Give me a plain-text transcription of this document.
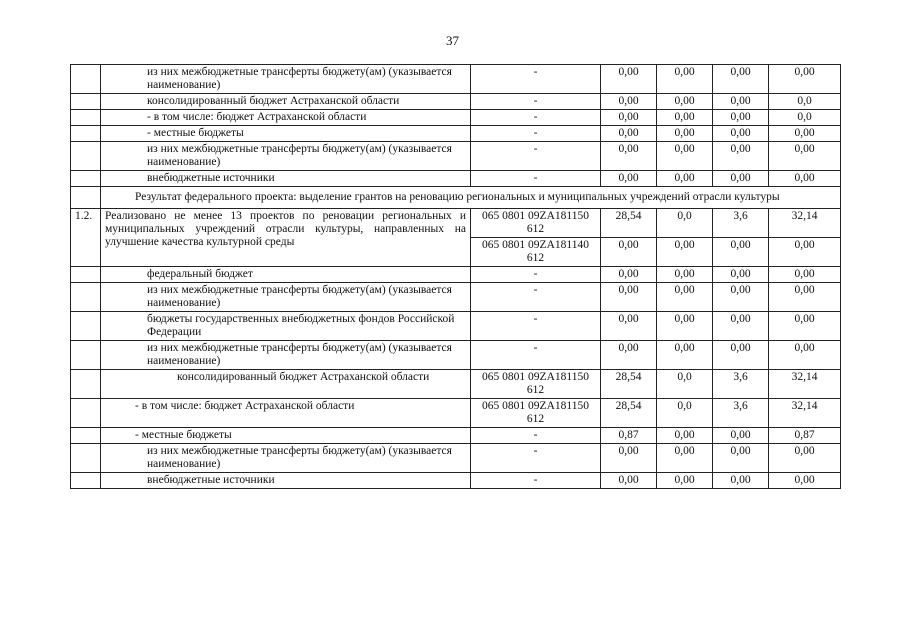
37
	из них межбюджетные трансферты бюджету(ам) (указывается наименование)	-	0,00	0,00	0,00	0,00
	консолидированный бюджет Астраханской области	-	0,00	0,00	0,00	0,0
	- в том числе: бюджет Астраханской области	-	0,00	0,00	0,00	0,0
	- местные бюджеты	-	0,00	0,00	0,00	0,00
	из них межбюджетные трансферты бюджету(ам) (указывается наименование)	-	0,00	0,00	0,00	0,00
	внебюджетные источники	-	0,00	0,00	0,00	0,00
	Результат федерального проекта: выделение грантов на реновацию региональных и муниципальных учреждений отрасли культуры					
1.2.	Реализовано не менее 13 проектов по реновации региональных и муниципальных учреждений отрасли культуры, направленных на улучшение качества культурной среды	065 0801 09ZA181150 612	28,54	0,0	3,6	32,14
		065 0801 09ZA181140 612	0,00	0,00	0,00	0,00
	федеральный бюджет	-	0,00	0,00	0,00	0,00
	из них межбюджетные трансферты бюджету(ам) (указывается наименование)	-	0,00	0,00	0,00	0,00
	бюджеты государственных внебюджетных фондов Российской Федерации	-	0,00	0,00	0,00	0,00
	из них межбюджетные трансферты бюджету(ам) (указывается наименование)	-	0,00	0,00	0,00	0,00
	консолидированный бюджет Астраханской области	065 0801 09ZA181150 612	28,54	0,0	3,6	32,14
	- в том числе: бюджет Астраханской области	065 0801 09ZA181150 612	28,54	0,0	3,6	32,14
	- местные бюджеты	-	0,87	0,00	0,00	0,87
	из них межбюджетные трансферты бюджету(ам) (указывается наименование)	-	0,00	0,00	0,00	0,00
	внебюджетные источники	-	0,00	0,00	0,00	0,00
